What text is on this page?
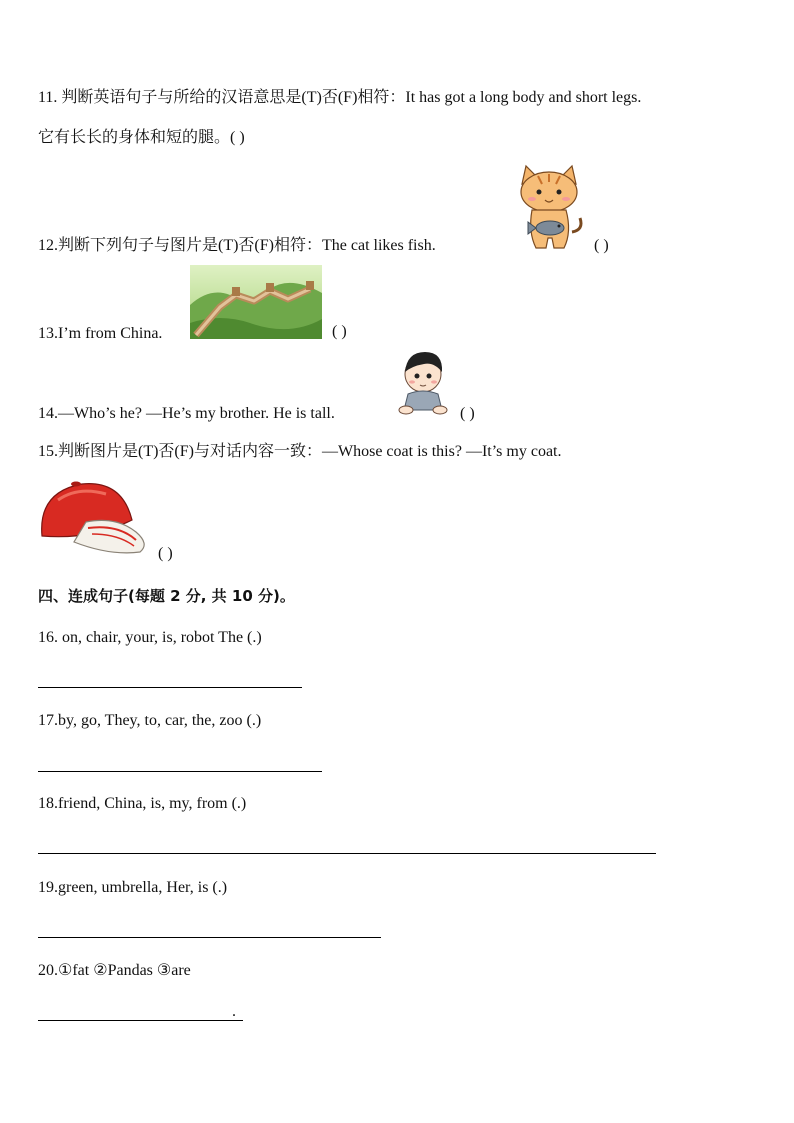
11. 判断英语句子与所给的汉语意思是(T)否(F)相符：It has got a long body and short legs.
它有长长的身体和短的腿。( )
12.判断下列句子与图片是(T)否(F)相符：The cat likes fish.	( )
13.I’m from China.	( )
14.—Who’s he? —He’s my brother. He is tall.	( )
15.判断图片是(T)否(F)与对话内容一致：—Whose coat is this? —It’s my coat.
( )
四、连成句子(每题 2 分, 共 10 分)。
16. on, chair, your, is, robot The (.)
17.by, go, They, to, car, the, zoo (.)
18.friend, China, is, my, from (.)
19.green, umbrella, Her, is (.)
20.①fat ②Pandas ③are
.
